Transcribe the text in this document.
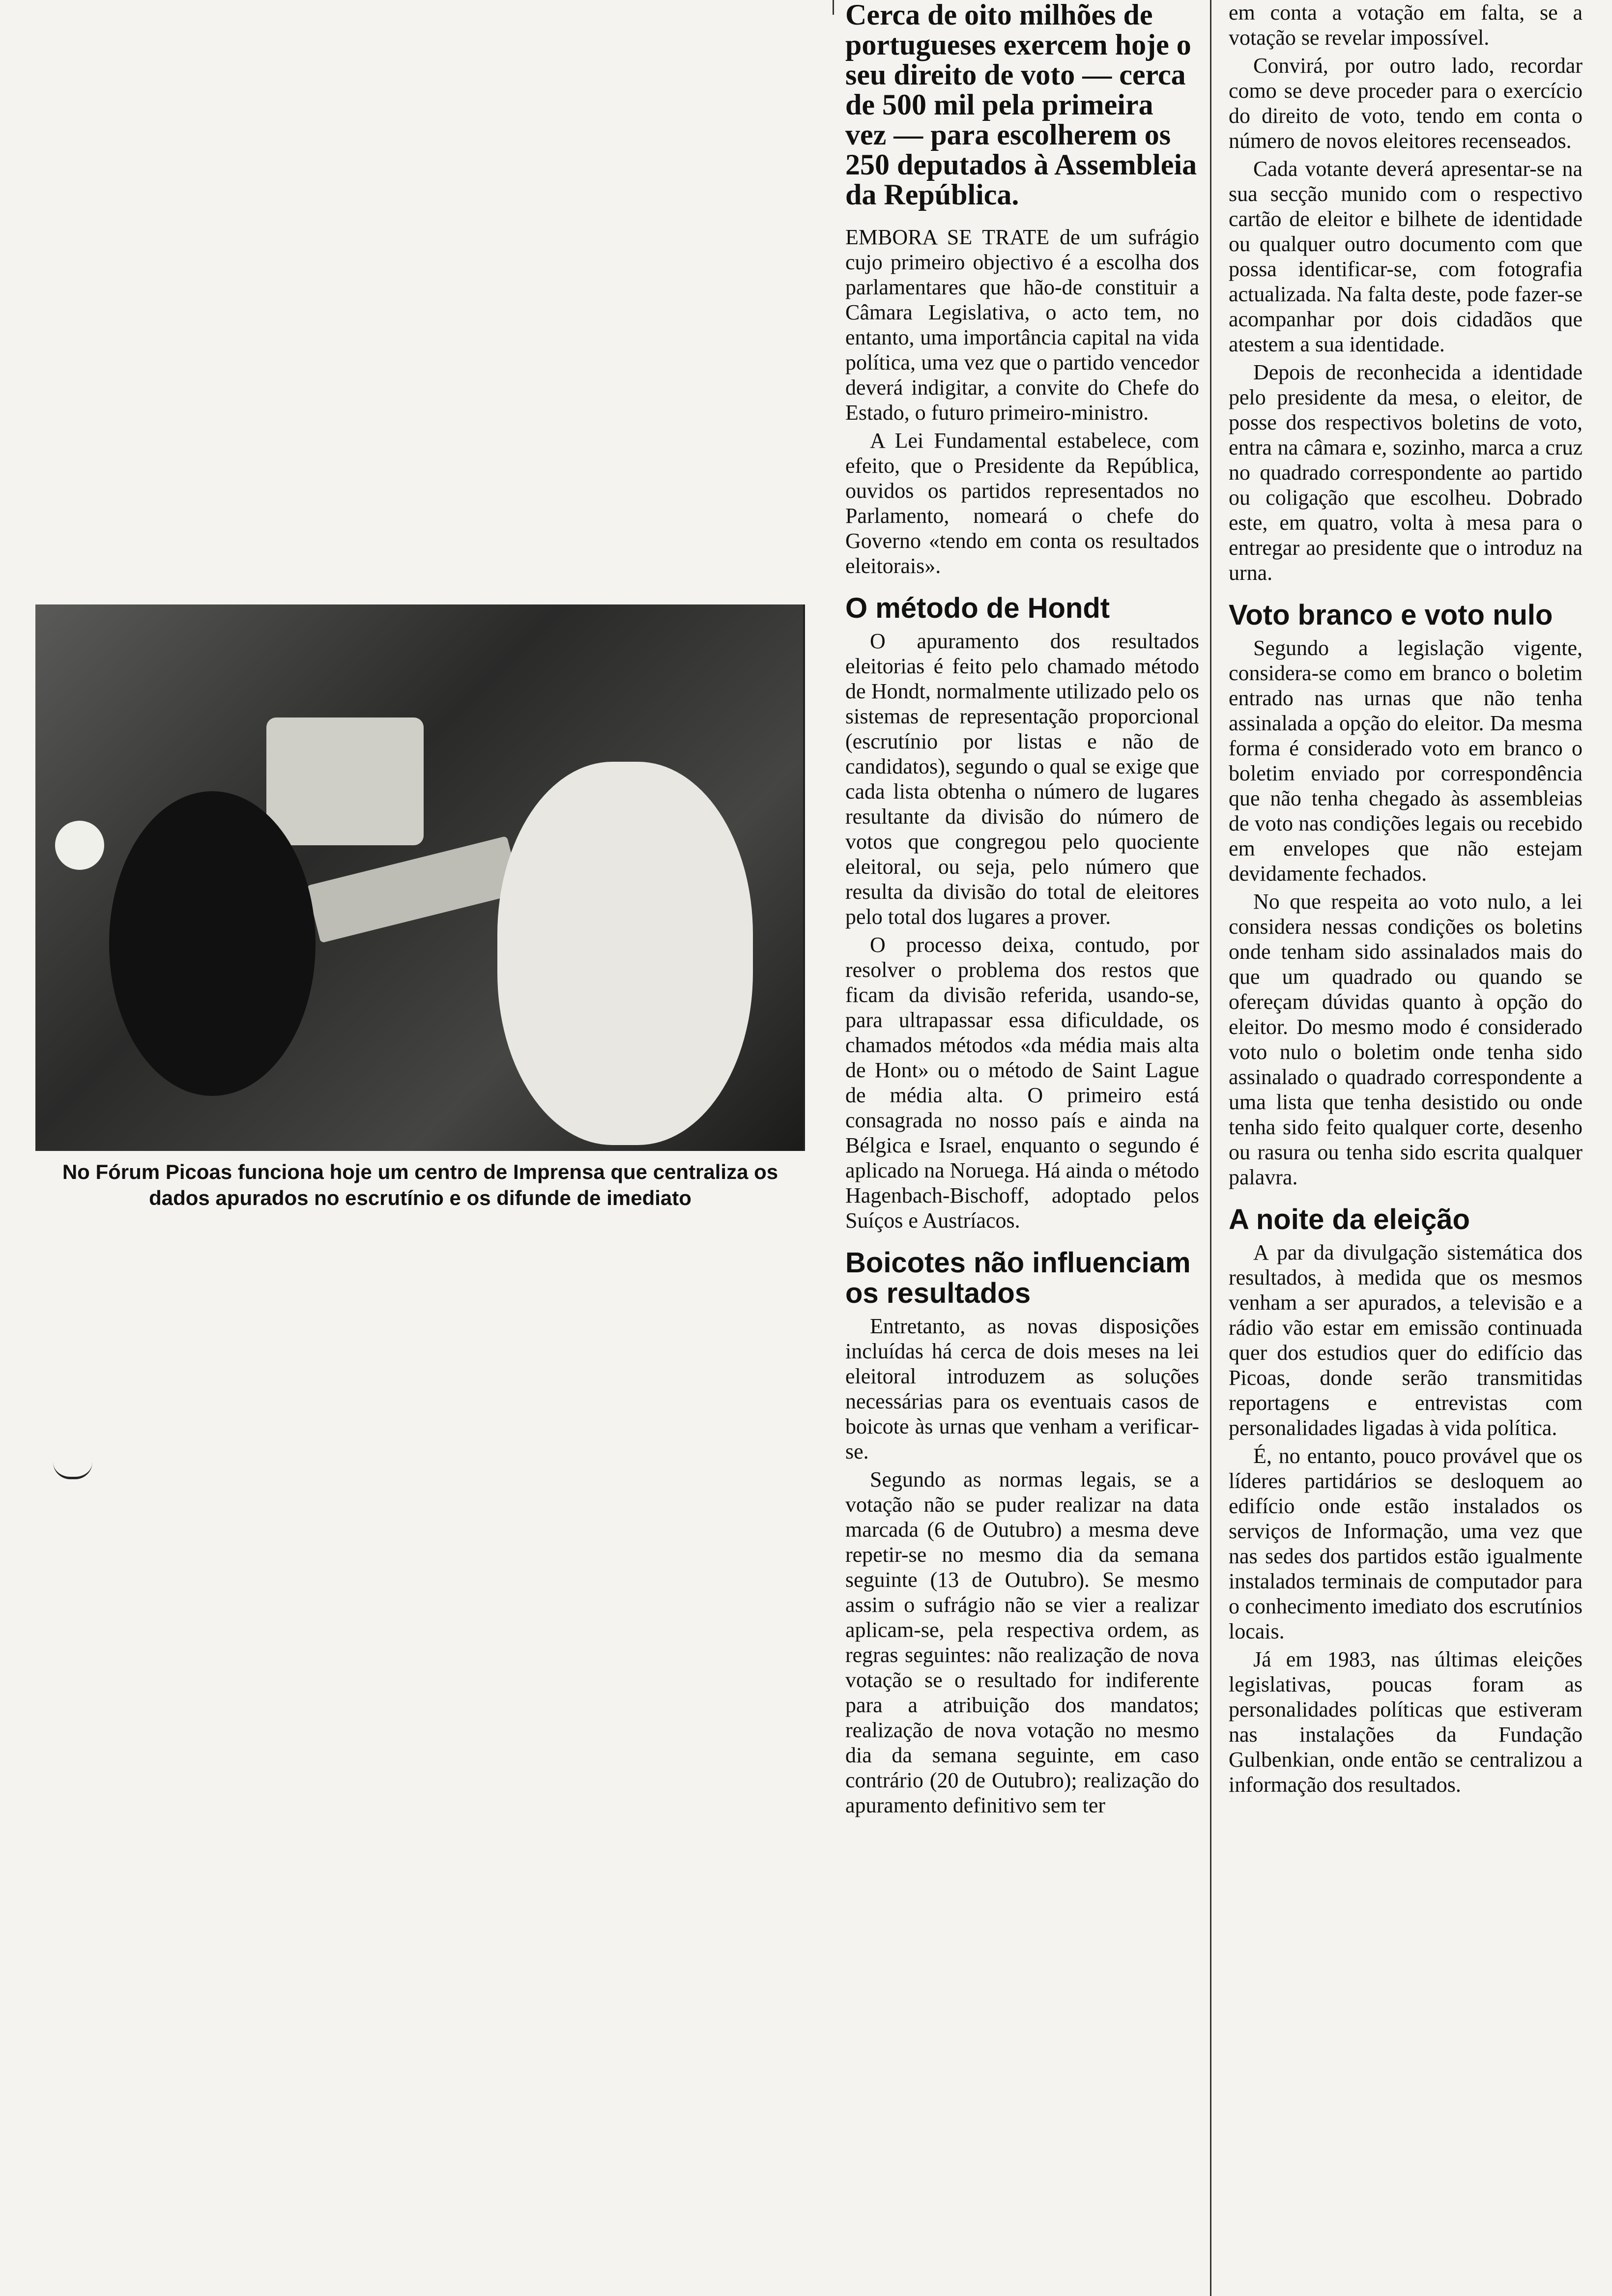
No Fórum Picoas funciona hoje um centro de Imprensa que centraliza os dados apurados no escrutínio e os difunde de imediato
Cerca de oito milhões de portugueses exercem hoje o seu direito de voto — cerca de 500 mil pela primeira vez — para escolherem os 250 deputados à Assembleia da República.

EMBORA SE TRATE de um sufrágio cujo primeiro objectivo é a escolha dos parlamentares que hão-de constituir a Câmara Legislativa, o acto tem, no entanto, uma importância capital na vida política, uma vez que o partido vencedor deverá indigitar, a convite do Chefe do Estado, o futuro primeiro-ministro.

A Lei Fundamental estabelece, com efeito, que o Presidente da República, ouvidos os partidos representados no Parlamento, nomeará o chefe do Governo «tendo em conta os resultados eleitorais».

O método de Hondt

O apuramento dos resultados eleitorias é feito pelo chamado método de Hondt, normalmente utilizado pelo os sistemas de representação proporcional (escrutínio por listas e não de candidatos), segundo o qual se exige que cada lista obtenha o número de lugares resultante da divisão do número de votos que congregou pelo quociente eleitoral, ou seja, pelo número que resulta da divisão do total de eleitores pelo total dos lugares a prover.

O processo deixa, contudo, por resolver o problema dos restos que ficam da divisão referida, usando-se, para ultrapassar essa dificuldade, os chamados métodos «da média mais alta de Hont» ou o método de Saint Lague de média alta. O primeiro está consagrada no nosso país e ainda na Bélgica e Israel, enquanto o segundo é aplicado na Noruega. Há ainda o método Hagenbach-Bischoff, adoptado pelos Suíços e Austríacos.

Boicotes não influenciam os resultados

Entretanto, as novas disposições incluídas há cerca de dois meses na lei eleitoral introduzem as soluções necessárias para os eventuais casos de boicote às urnas que venham a verificar-se.

Segundo as normas legais, se a votação não se puder realizar na data marcada (6 de Outubro) a mesma deve repetir-se no mesmo dia da semana seguinte (13 de Outubro). Se mesmo assim o sufrágio não se vier a realizar aplicam-se, pela respectiva ordem, as regras seguintes: não realização de nova votação se o resultado for indiferente para a atribuição dos mandatos; realização de nova votação no mesmo dia da semana seguinte, em caso contrário (20 de Outubro); realização do apuramento definitivo sem ter

em conta a votação em falta, se a votação se revelar impossível.

Convirá, por outro lado, recordar como se deve proceder para o exercício do direito de voto, tendo em conta o número de novos eleitores recenseados.

Cada votante deverá apresentar-se na sua secção munido com o respectivo cartão de eleitor e bilhete de identidade ou qualquer outro documento com que possa identificar-se, com fotografia actualizada. Na falta deste, pode fazer-se acompanhar por dois cidadãos que atestem a sua identidade.

Depois de reconhecida a identidade pelo presidente da mesa, o eleitor, de posse dos respectivos boletins de voto, entra na câmara e, sozinho, marca a cruz no quadrado correspondente ao partido ou coligação que escolheu. Dobrado este, em quatro, volta à mesa para o entregar ao presidente que o introduz na urna.

Voto branco e voto nulo

Segundo a legislação vigente, considera-se como em branco o boletim entrado nas urnas que não tenha assinalada a opção do eleitor. Da mesma forma é considerado voto em branco o boletim enviado por correspondência que não tenha chegado às assembleias de voto nas condições legais ou recebido em envelopes que não estejam devidamente fechados.

No que respeita ao voto nulo, a lei considera nessas condições os boletins onde tenham sido assinalados mais do que um quadrado ou quando se ofereçam dúvidas quanto à opção do eleitor. Do mesmo modo é considerado voto nulo o boletim onde tenha sido assinalado o quadrado correspondente a uma lista que tenha desistido ou onde tenha sido feito qualquer corte, desenho ou rasura ou tenha sido escrita qualquer palavra.

A noite da eleição

A par da divulgação sistemática dos resultados, à medida que os mesmos venham a ser apurados, a televisão e a rádio vão estar em emissão continuada quer dos estudios quer do edifício das Picoas, donde serão transmitidas reportagens e entrevistas com personalidades ligadas à vida política.

É, no entanto, pouco provável que os líderes partidários se desloquem ao edifício onde estão instalados os serviços de Informação, uma vez que nas sedes dos partidos estão igualmente instalados terminais de computador para o conhecimento imediato dos escrutínios locais.

Já em 1983, nas últimas eleições legislativas, poucas foram as personalidades políticas que estiveram nas instalações da Fundação Gulbenkian, onde então se centralizou a informação dos resultados.
